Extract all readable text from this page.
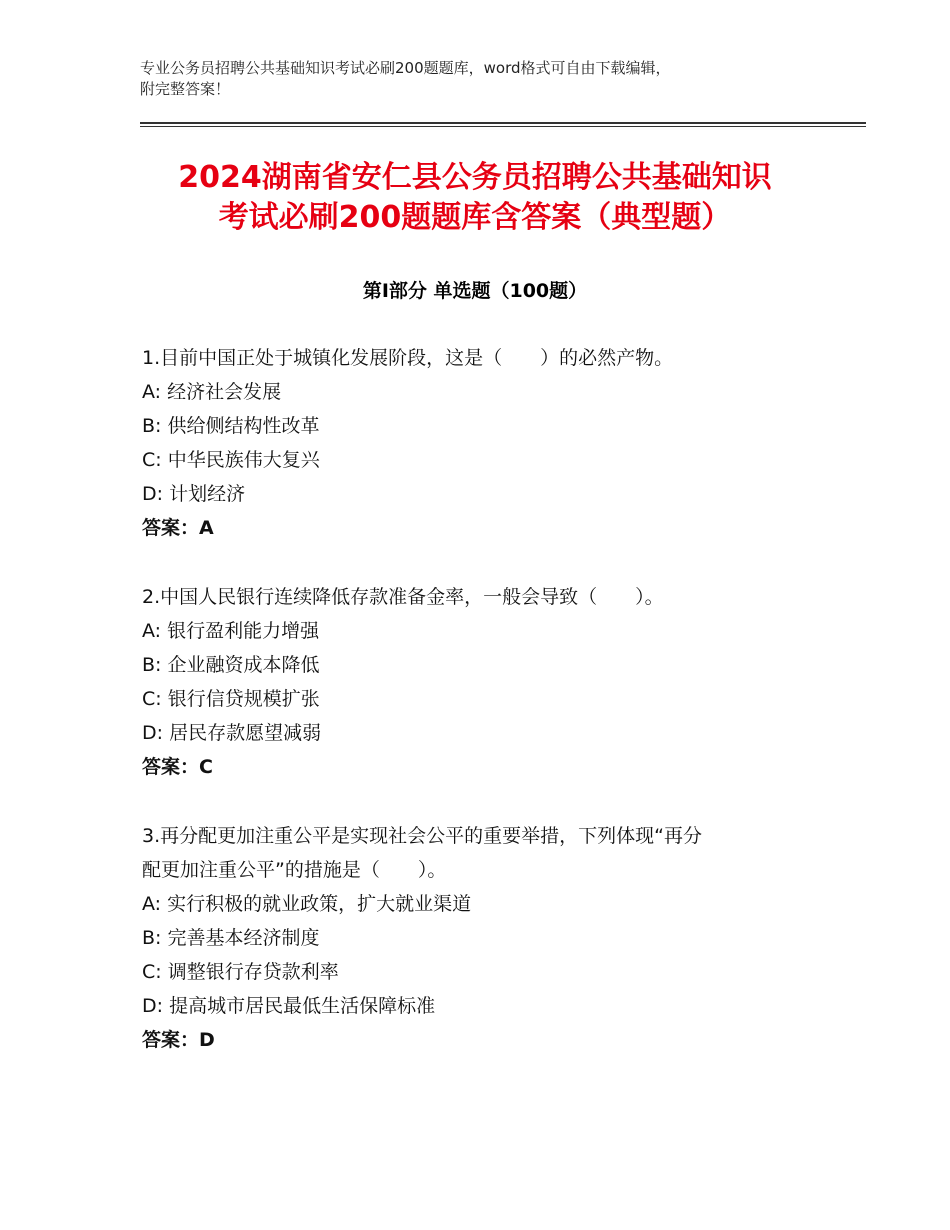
专业公务员招聘公共基础知识考试必刷200题题库，word格式可自由下载编辑，
附完整答案！
2024湖南省安仁县公务员招聘公共基础知识
考试必刷200题题库含答案（典型题）
第Ⅰ部分 单选题（100题）
1.目前中国正处于城镇化发展阶段，这是（　　）的必然产物。
A: 经济社会发展
B: 供给侧结构性改革
C: 中华民族伟大复兴
D: 计划经济
答案：A
2.中国人民银行连续降低存款准备金率，一般会导致（　　）。
A: 银行盈利能力增强
B: 企业融资成本降低
C: 银行信贷规模扩张
D: 居民存款愿望减弱
答案：C
3.再分配更加注重公平是实现社会公平的重要举措，下列体现“再分
配更加注重公平”的措施是（　　）。
A: 实行积极的就业政策，扩大就业渠道
B: 完善基本经济制度
C: 调整银行存贷款利率
D: 提高城市居民最低生活保障标准
答案：D
